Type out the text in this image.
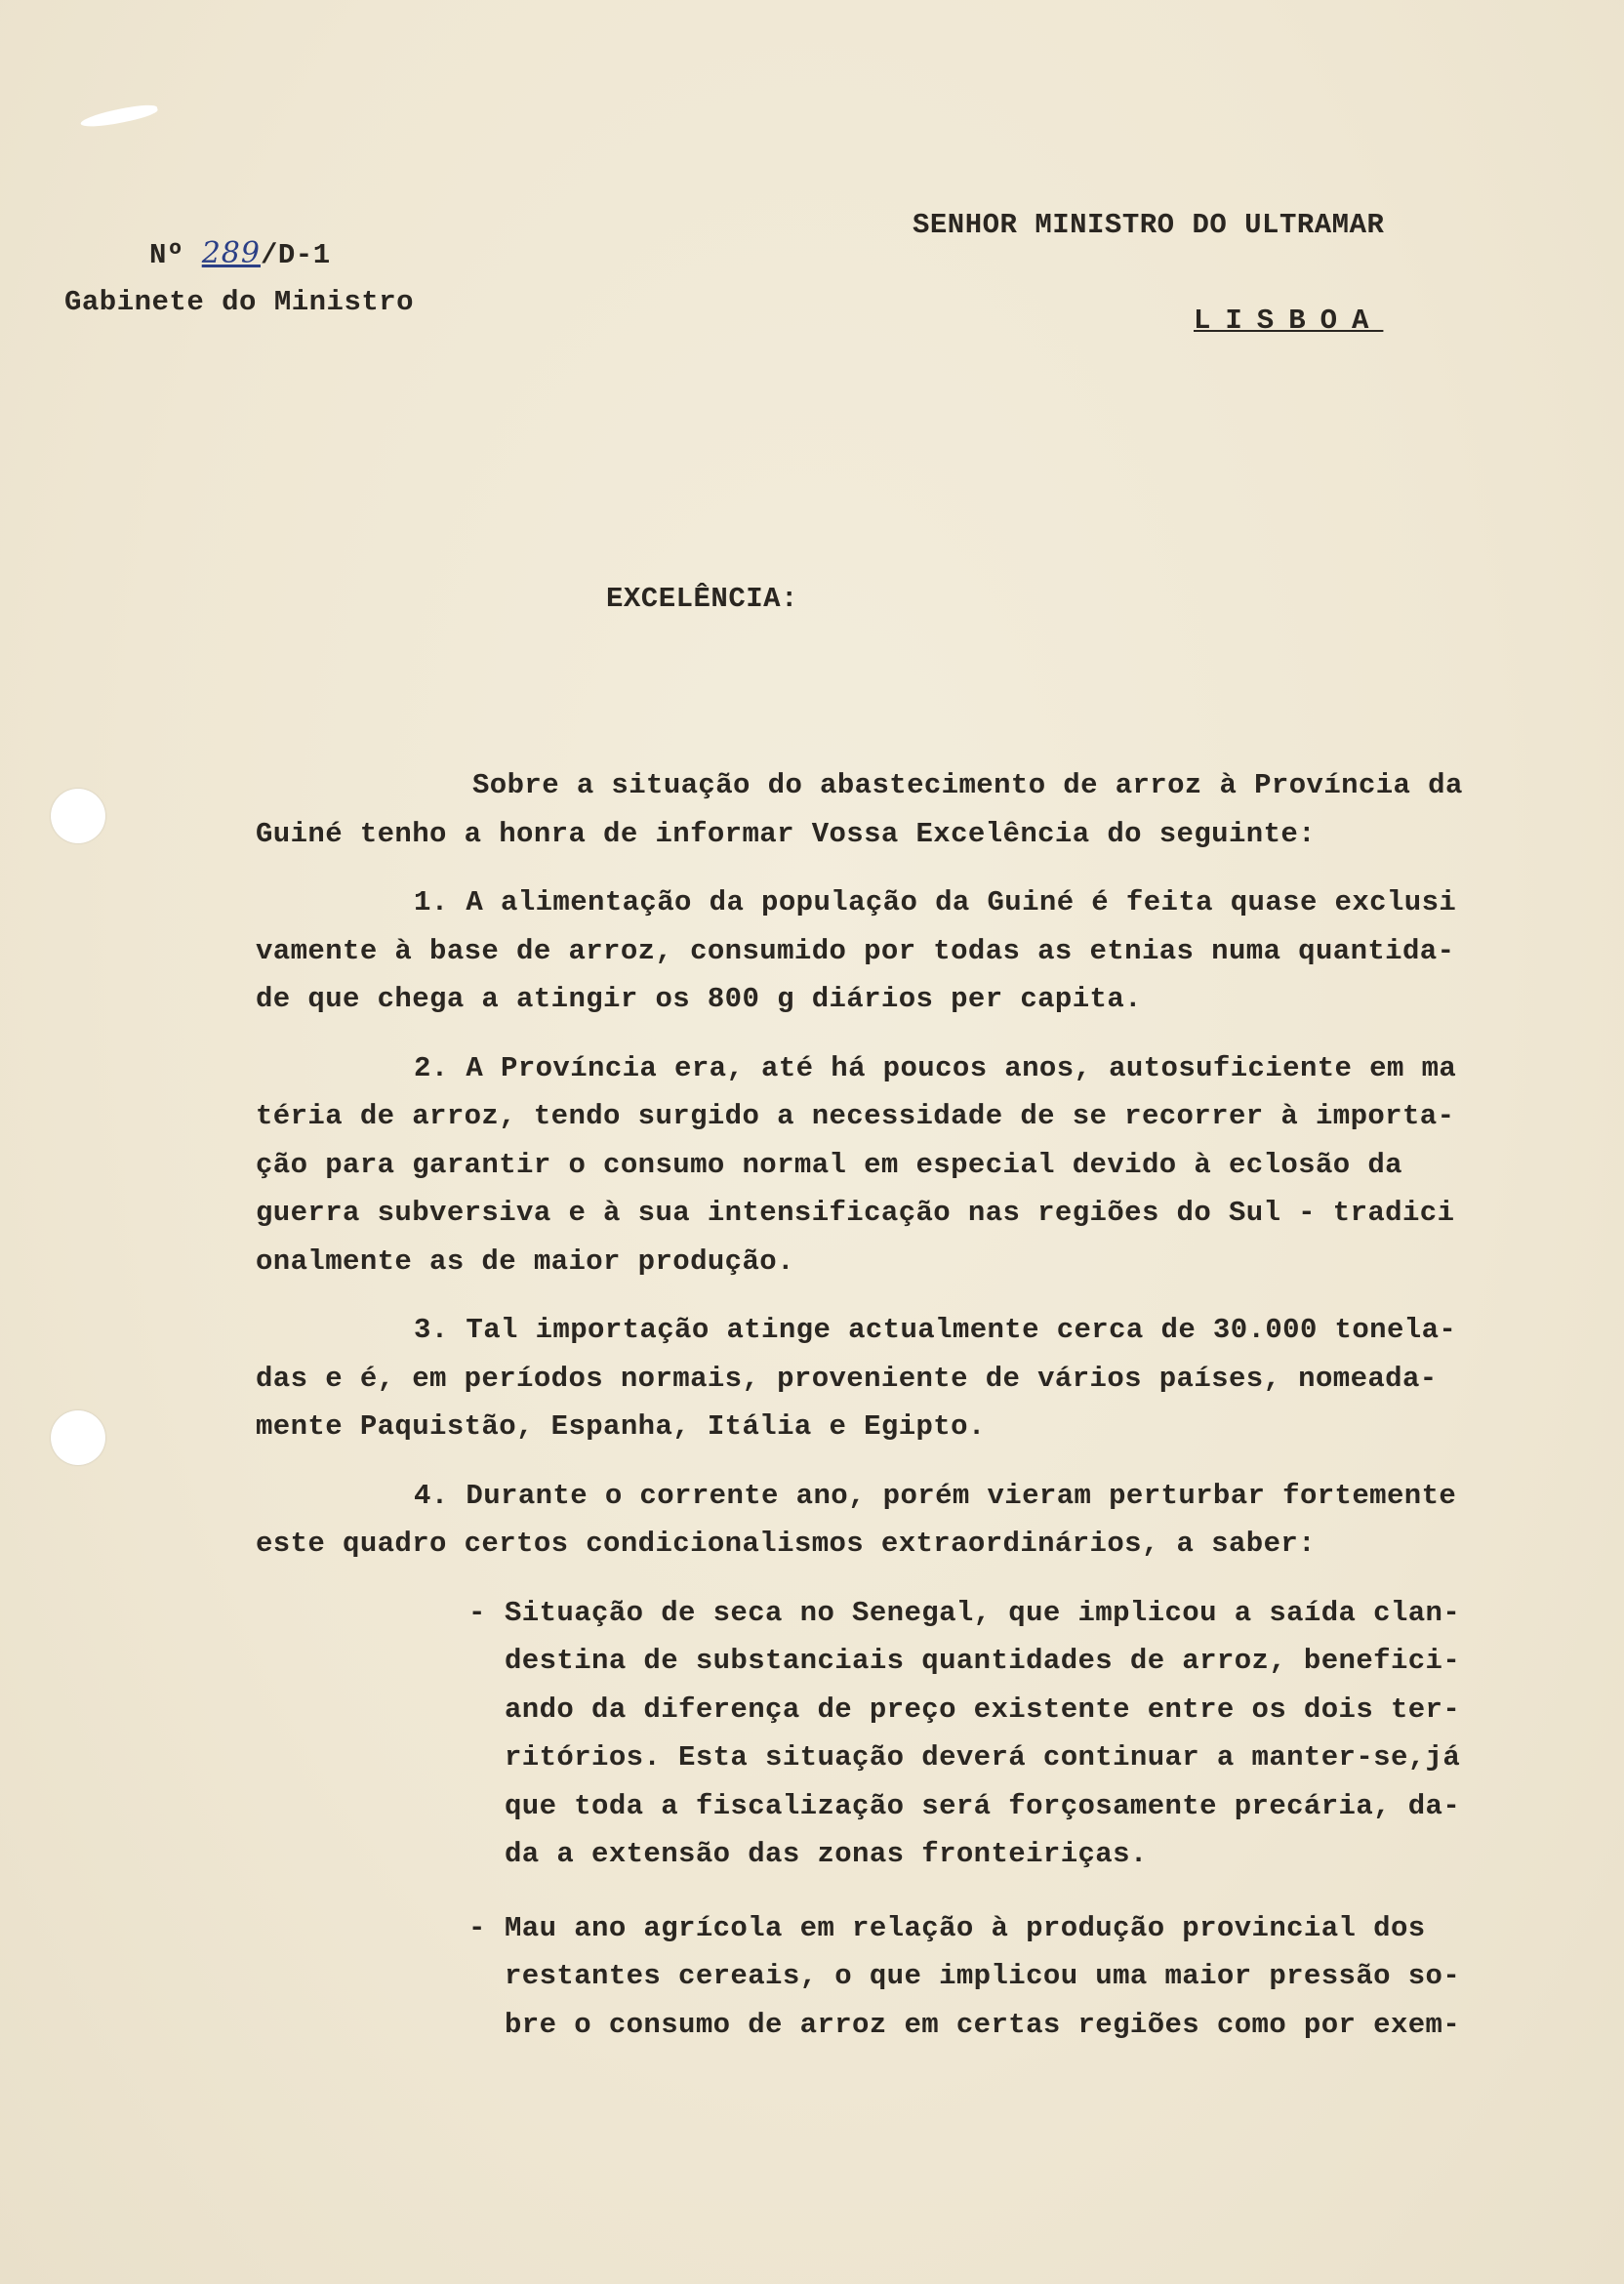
Nº 289/D-1
Gabinete do Ministro
SENHOR MINISTRO DO ULTRAMAR
LISBOA
EXCELÊNCIA:
Sobre a situação do abastecimento de arroz à Província da
Guiné tenho a honra de informar Vossa Excelência do seguinte:
1. A alimentação da população da Guiné é feita quase exclusi
vamente à base de arroz, consumido por todas as etnias numa quantida-
de que chega a atingir os 800 g diários per capita.
2. A Província era, até há poucos anos, autosuficiente em ma
téria de arroz, tendo surgido a necessidade de se recorrer à importa-
ção para garantir o consumo normal em especial devido à eclosão da
guerra subversiva e à sua intensificação nas regiões do Sul - tradici
onalmente as de maior produção.
3. Tal importação atinge actualmente cerca de 30.000 tonela-
das e é, em períodos normais, proveniente de vários países, nomeada-
mente Paquistão, Espanha, Itália e Egipto.
4. Durante o corrente ano, porém vieram perturbar fortemente
este quadro certos condicionalismos extraordinários, a saber:
- Situação de seca no Senegal, que implicou a saída clan-
destina de substanciais quantidades de arroz, benefici-
ando da diferença de preço existente entre os dois ter-
ritórios. Esta situação deverá continuar a manter-se,já
que toda a fiscalização será forçosamente precária, da-
da a extensão das zonas fronteiriças.
- Mau ano agrícola em relação à produção provincial dos
restantes cereais, o que implicou uma maior pressão so-
bre o consumo de arroz em certas regiões como por exem-
